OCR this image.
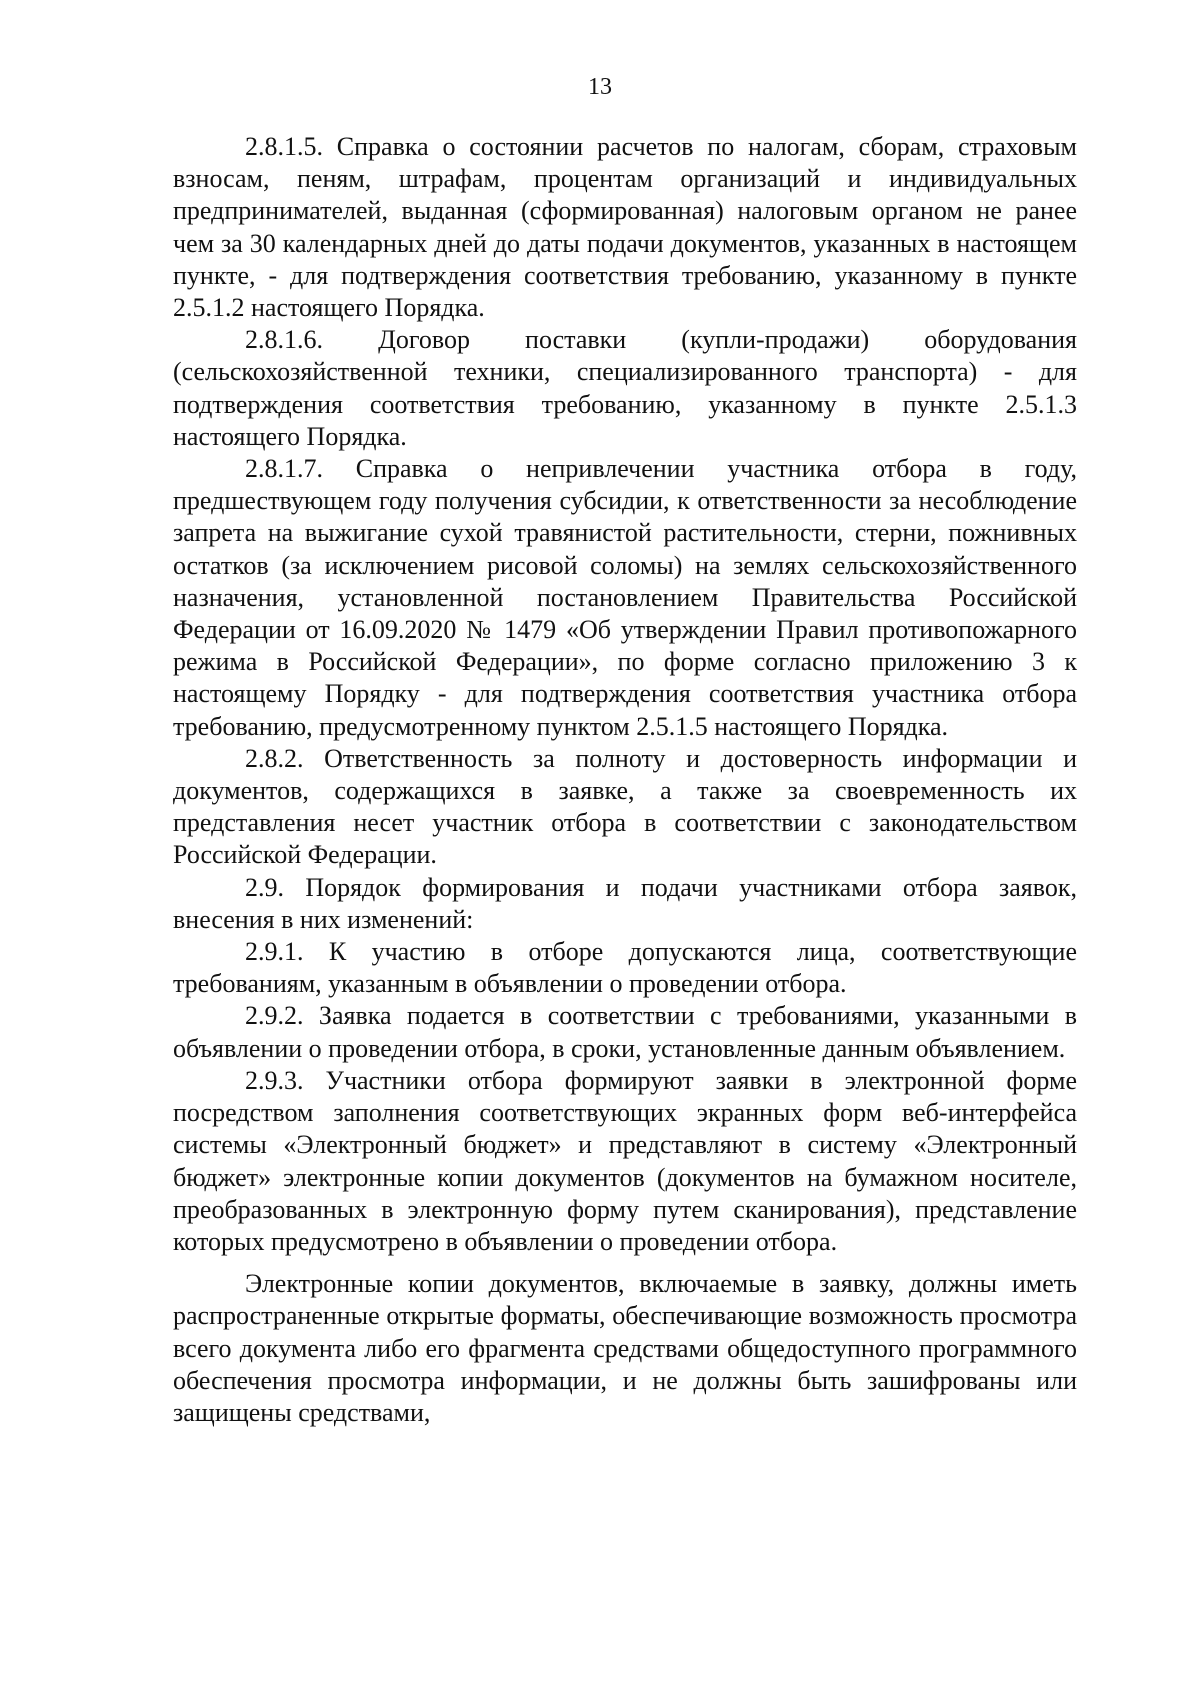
13

2.8.1.5. Справка о состоянии расчетов по налогам, сборам, страховым взносам, пеням, штрафам, процентам организаций и индивидуальных предпринимателей, выданная (сформированная) налоговым органом не ранее чем за 30 календарных дней до даты подачи документов, указанных в настоящем пункте, - для подтверждения соответствия требованию, указанному в пункте 2.5.1.2 настоящего Порядка.

2.8.1.6. Договор поставки (купли-продажи) оборудования (сельскохозяйственной техники, специализированного транспорта) - для подтверждения соответствия требованию, указанному в пункте 2.5.1.3 настоящего Порядка.

2.8.1.7. Справка о непривлечении участника отбора в году, предшествующем году получения субсидии, к ответственности за несоблюдение запрета на выжигание сухой травянистой растительности, стерни, пожнивных остатков (за исключением рисовой соломы) на землях сельскохозяйственного назначения, установленной постановлением Правительства Российской Федерации от 16.09.2020 № 1479 «Об утверждении Правил противопожарного режима в Российской Федерации», по форме согласно приложению 3 к настоящему Порядку - для подтверждения соответствия участника отбора требованию, предусмотренному пунктом 2.5.1.5 настоящего Порядка.

2.8.2. Ответственность за полноту и достоверность информации и документов, содержащихся в заявке, а также за своевременность их представления несет участник отбора в соответствии с законодательством Российской Федерации.

2.9. Порядок формирования и подачи участниками отбора заявок, внесения в них изменений:

2.9.1. К участию в отборе допускаются лица, соответствующие требованиям, указанным в объявлении о проведении отбора.

2.9.2. Заявка подается в соответствии с требованиями, указанными в объявлении о проведении отбора, в сроки, установленные данным объявлением.

2.9.3. Участники отбора формируют заявки в электронной форме посредством заполнения соответствующих экранных форм веб-интерфейса системы «Электронный бюджет» и представляют в систему «Электронный бюджет» электронные копии документов (документов на бумажном носителе, преобразованных в электронную форму путем сканирования), представление которых предусмотрено в объявлении о проведении отбора.

Электронные копии документов, включаемые в заявку, должны иметь распространенные открытые форматы, обеспечивающие возможность просмотра всего документа либо его фрагмента средствами общедоступного программного обеспечения просмотра информации, и не должны быть зашифрованы или защищены средствами,
